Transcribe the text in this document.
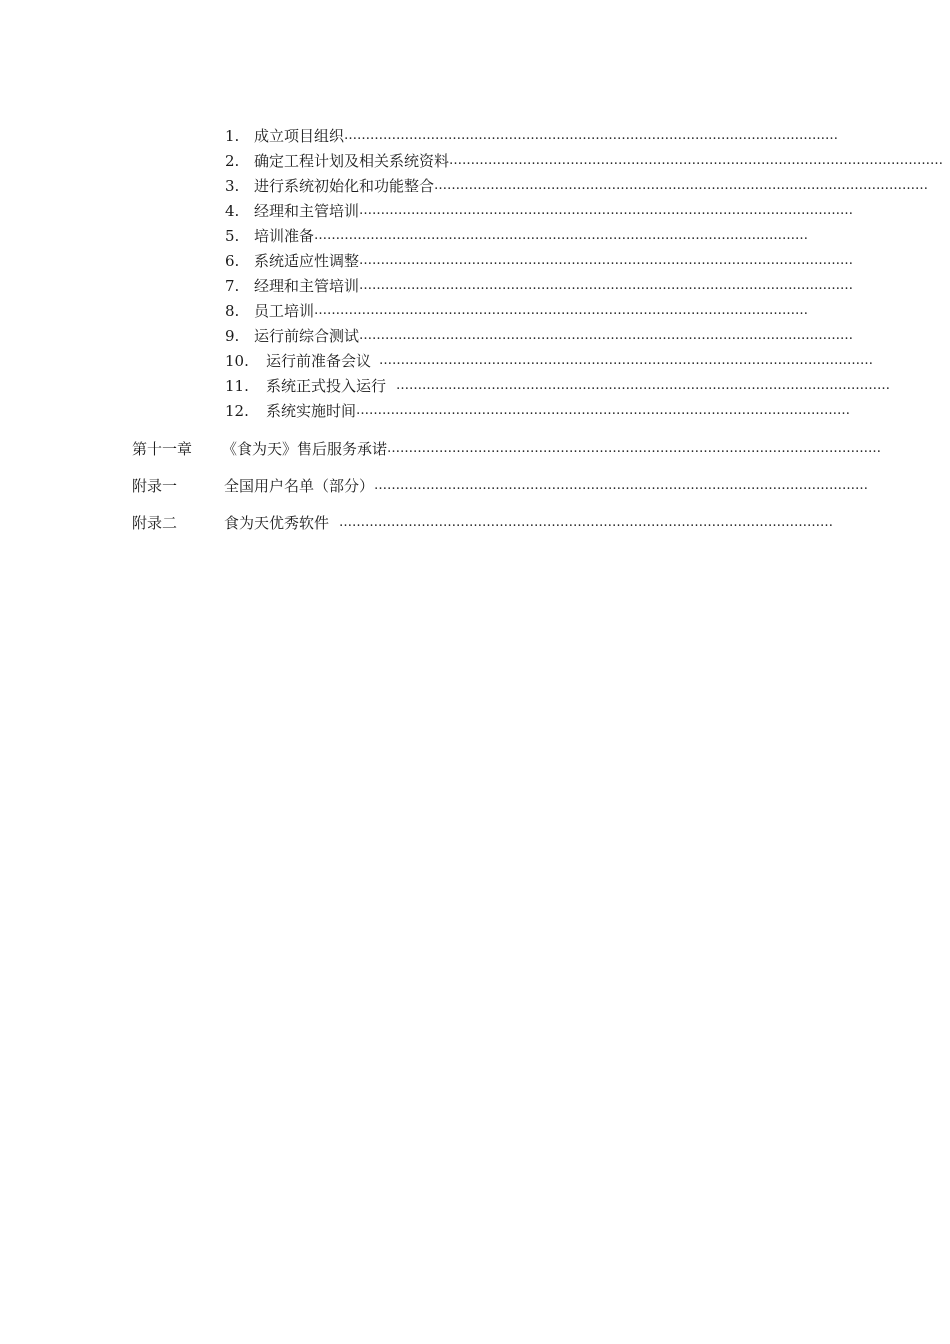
1. 成立项目组织……………………………………………………………………………………………………
2. 确定工程计划及相关系统资料……………………………………………………………………………………………………
3. 进行系统初始化和功能整合……………………………………………………………………………………………………
4. 经理和主管培训……………………………………………………………………………………………………
5. 培训准备……………………………………………………………………………………………………
6. 系统适应性调整……………………………………………………………………………………………………
7. 经理和主管培训……………………………………………………………………………………………………
8. 员工培训……………………………………………………………………………………………………
9. 运行前综合测试……………………………………………………………………………………………………
10. 运行前准备会议 ……………………………………………………………………………………………………
11. 系统正式投入运行 ……………………………………………………………………………………………………
12. 系统实施时间……………………………………………………………………………………………………
第十一章 《食为天》售后服务承诺……………………………………………………………………………………………………
附录一	全国用户名单（部分）……………………………………………………………………………………………………
附录二	食为天优秀软件 ……………………………………………………………………………………………………
